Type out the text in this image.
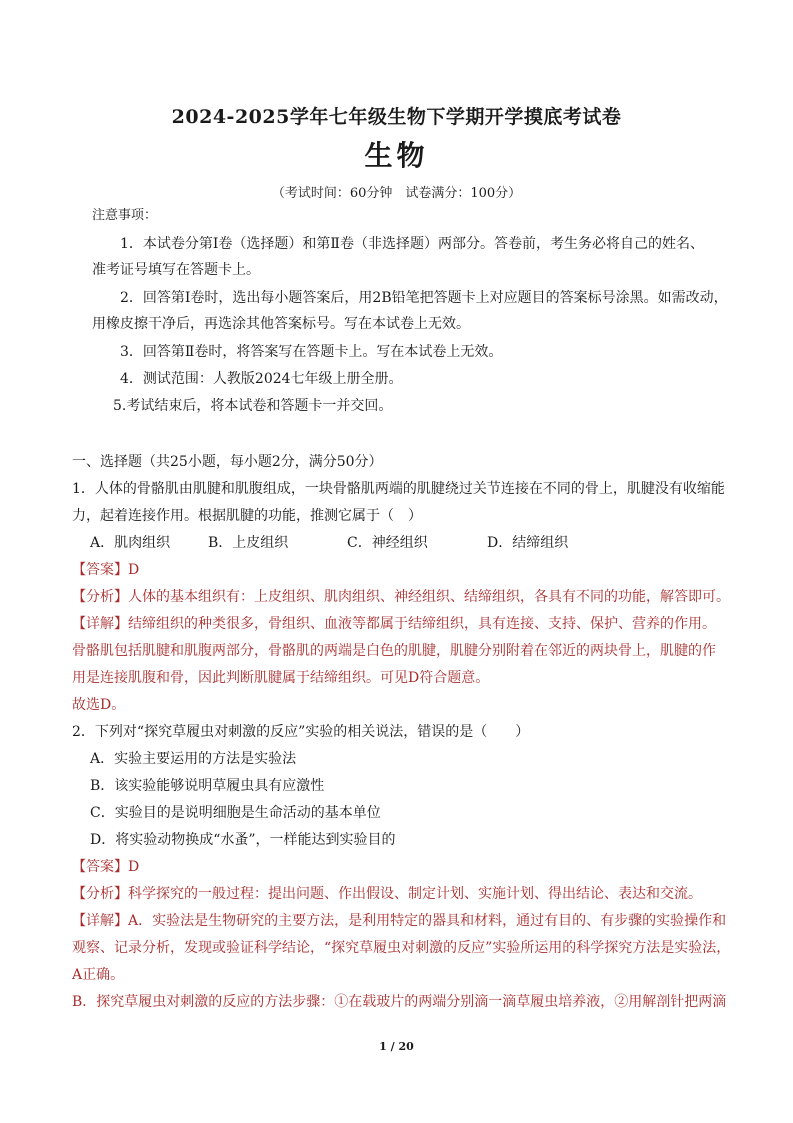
2024-2025学年七年级生物下学期开学摸底考试卷
生物
（考试时间：60分钟　试卷满分：100分）
注意事项：
1．本试卷分第Ⅰ卷（选择题）和第Ⅱ卷（非选择题）两部分。答卷前，考生务必将自己的姓名、
准考证号填写在答题卡上。
2．回答第Ⅰ卷时，选出每小题答案后，用2B铅笔把答题卡上对应题目的答案标号涂黑。如需改动，
用橡皮擦干净后，再选涂其他答案标号。写在本试卷上无效。
3．回答第Ⅱ卷时，将答案写在答题卡上。写在本试卷上无效。
4．测试范围：人教版2024七年级上册全册。
5.考试结束后，将本试卷和答题卡一并交回。
一、选择题（共25小题，每小题2分，满分50分）
1．人体的骨骼肌由肌腱和肌腹组成，一块骨骼肌两端的肌腱绕过关节连接在不同的骨上，肌腱没有收缩能
力，起着连接作用。根据肌腱的功能，推测它属于（　）
A．肌肉组织	B．上皮组织	C．神经组织	D．结缔组织
【答案】D
【分析】人体的基本组织有：上皮组织、肌肉组织、神经组织、结缔组织，各具有不同的功能，解答即可。
【详解】结缔组织的种类很多，骨组织、血液等都属于结缔组织，具有连接、支持、保护、营养的作用。
骨骼肌包括肌腱和肌腹两部分，骨骼肌的两端是白色的肌腱，肌腱分别附着在邻近的两块骨上，肌腱的作
用是连接肌腹和骨，因此判断肌腱属于结缔组织。可见D符合题意。
故选D。
2．下列对“探究草履虫对刺激的反应”实验的相关说法，错误的是（　　）
A．实验主要运用的方法是实验法
B．该实验能够说明草履虫具有应激性
C．实验目的是说明细胞是生命活动的基本单位
D．将实验动物换成“水蚤”，一样能达到实验目的
【答案】D
【分析】科学探究的一般过程：提出问题、作出假设、制定计划、实施计划、得出结论、表达和交流。
【详解】A．实验法是生物研究的主要方法，是利用特定的器具和材料，通过有目的、有步骤的实验操作和
观察、记录分析，发现或验证科学结论，“探究草履虫对刺激的反应”实验所运用的科学探究方法是实验法，
A正确。
B．探究草履虫对刺激的反应的方法步骤：①在载玻片的两端分别滴一滴草履虫培养液，②用解剖针把两滴
1 / 20
